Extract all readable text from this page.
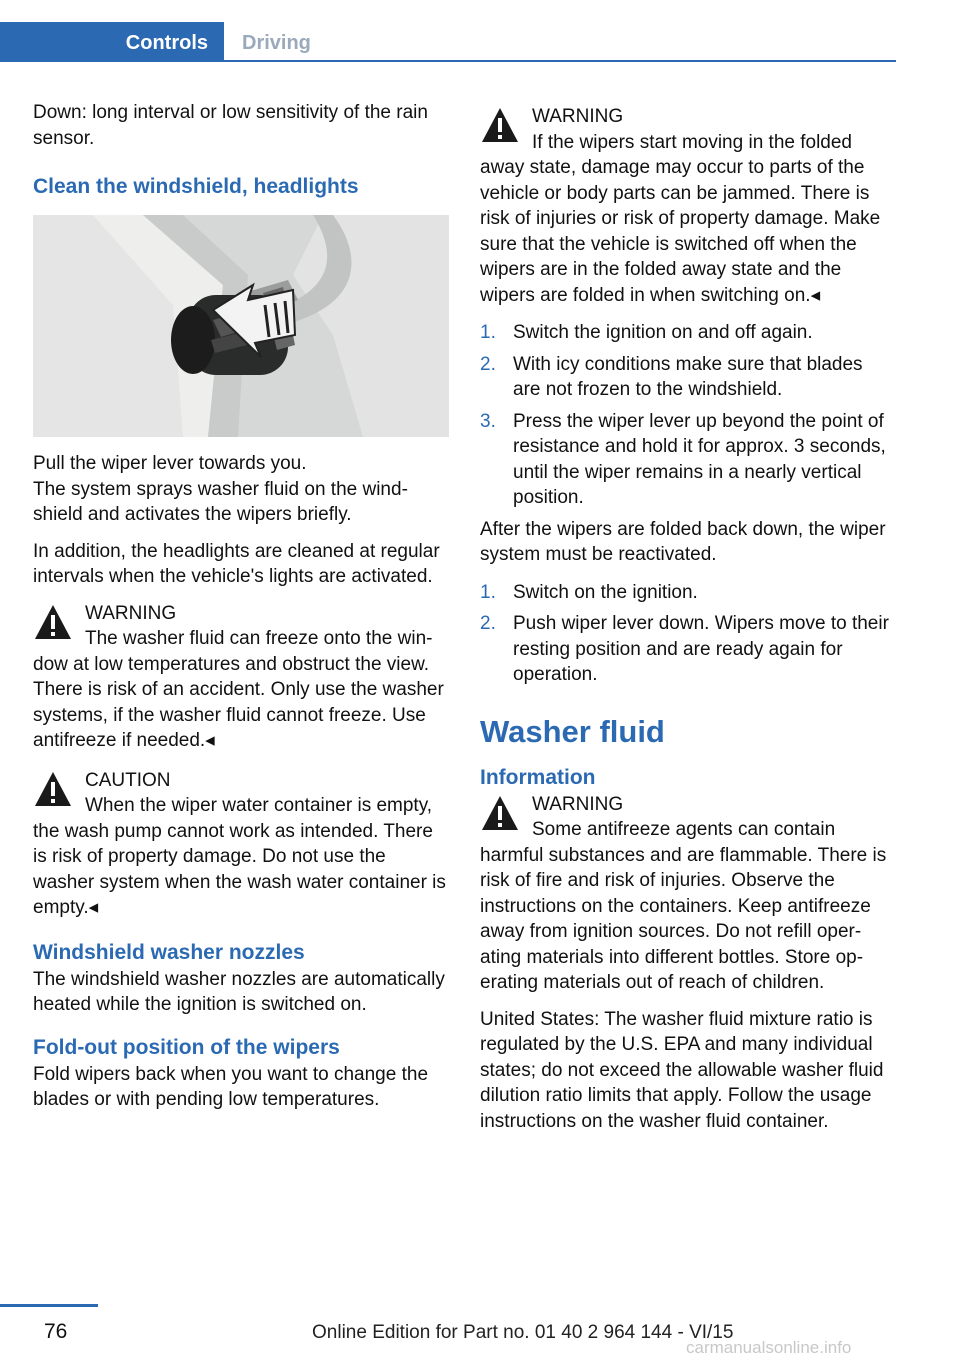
Controls	Driving

Down: long interval or low sensitivity of the rain sensor.

Clean the windshield, headlights

Pull the wiper lever towards you.

The system sprays washer fluid on the windshield and activates the wipers briefly.

In addition, the headlights are cleaned at regular intervals when the vehicle's lights are activated.

WARNING
The washer fluid can freeze onto the window at low temperatures and obstruct the view. There is risk of an accident. Only use the washer systems, if the washer fluid cannot freeze. Use antifreeze if needed.◂
CAUTION
When the wiper water container is empty, the wash pump cannot work as intended. There is risk of property damage. Do not use the washer system when the wash water container is empty.◂
Windshield washer nozzles

The windshield washer nozzles are automatically heated while the ignition is switched on.

Fold-out position of the wipers

Fold wipers back when you want to change the blades or with pending low temperatures.

WARNING
If the wipers start moving in the folded away state, damage may occur to parts of the vehicle or body parts can be jammed. There is risk of injuries or risk of property damage. Make sure that the vehicle is switched off when the wipers are in the folded away state and the wipers are folded in when switching on.◂
1. Switch the ignition on and off again.
2. With icy conditions make sure that blades are not frozen to the windshield.
3. Press the wiper lever up beyond the point of resistance and hold it for approx. 3 seconds, until the wiper remains in a nearly vertical position.

After the wipers are folded back down, the wiper system must be reactivated.

1. Switch on the ignition.
2. Push wiper lever down. Wipers move to their resting position and are ready again for operation.
Washer fluid
Information
WARNING
Some antifreeze agents can contain harmful substances and are flammable. There is risk of fire and risk of injuries. Observe the instructions on the containers. Keep antifreeze away from ignition sources. Do not refill operating materials into different bottles. Store operating materials out of reach of children.

United States: The washer fluid mixture ratio is regulated by the U.S. EPA and many individual states; do not exceed the allowable washer fluid dilution ratio limits that apply. Follow the usage instructions on the washer fluid container.

76	Online Edition for Part no. 01 40 2 964 144 - VI/15
carmanualsonline.info
